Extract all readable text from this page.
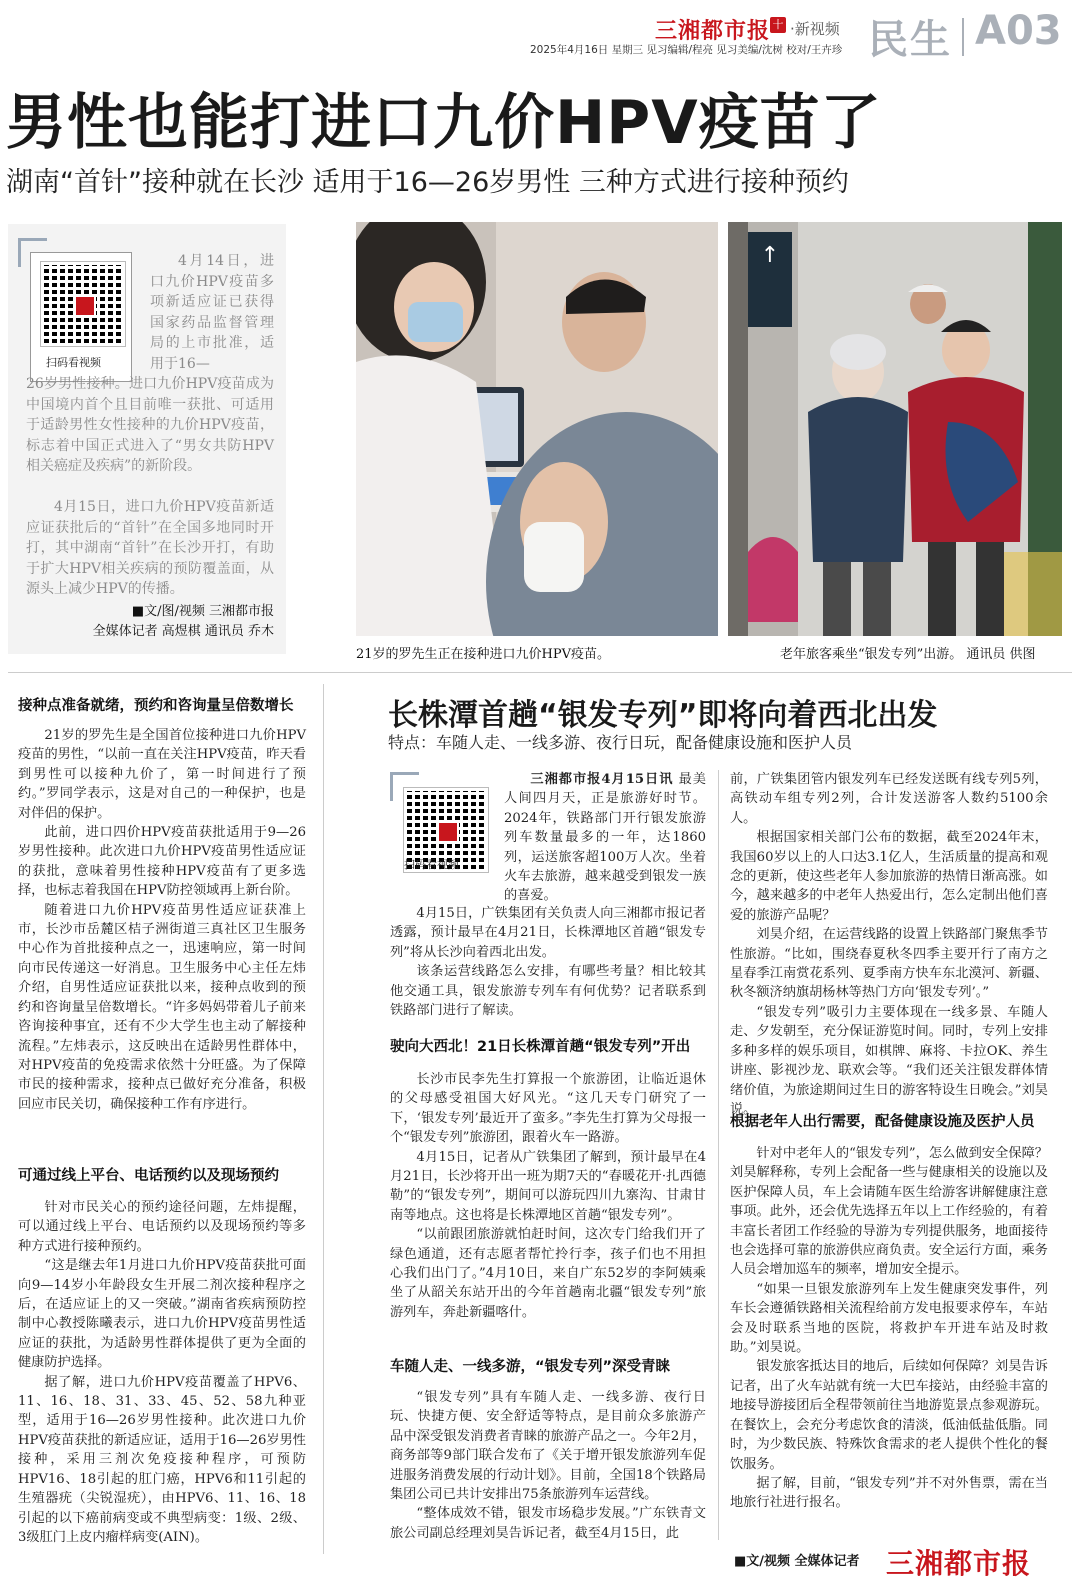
三湘都市报 十 ·新视频
2025年4月16日 星期三 见习编辑/程亮 见习美编/沈树 校对/王卉珍 民生 A03
男性也能打进口九价HPV疫苗了
湖南“首针”接种就在长沙 适用于16—26岁男性 三种方式进行接种预约
扫码看视频
4月14日，进口九价HPV疫苗多项新适应证已获得国家药品监督管理局的上市批准，适用于16—
26岁男性接种。进口九价HPV疫苗成为中国境内首个且目前唯一获批、可适用于适龄男性女性接种的九价HPV疫苗，标志着中国正式进入了“男女共防HPV相关癌症及疾病”的新阶段。
4月15日，进口九价HPV疫苗新适应证获批后的“首针”在全国多地同时开打，其中湖南“首针”在长沙开打，有助于扩大HPV相关疾病的预防覆盖面，从源头上减少HPV的传播。
■文/图/视频 三湘都市报
全媒体记者 高煜棋 通讯员 乔木
21岁的罗先生正在接种进口九价HPV疫苗。
↑
老年旅客乘坐“银发专列”出游。 通讯员 供图
接种点准备就绪，预约和咨询量呈倍数增长

21岁的罗先生是全国首位接种进口九价HPV疫苗的男性，“以前一直在关注HPV疫苗，昨天看到男性可以接种九价了，第一时间进行了预约。”罗同学表示，这是对自己的一种保护，也是对伴侣的保护。

此前，进口四价HPV疫苗获批适用于9—26岁男性接种。此次进口九价HPV疫苗男性适应证的获批，意味着男性接种HPV疫苗有了更多选择，也标志着我国在HPV防控领域再上新台阶。

随着进口九价HPV疫苗男性适应证获准上市，长沙市岳麓区桔子洲街道三真社区卫生服务中心作为首批接种点之一，迅速响应，第一时间向市民传递这一好消息。卫生服务中心主任左炜介绍，自男性适应证获批以来，接种点收到的预约和咨询量呈倍数增长。“许多妈妈带着儿子前来咨询接种事宜，还有不少大学生也主动了解接种流程。”左炜表示，这反映出在适龄男性群体中，对HPV疫苗的免疫需求依然十分旺盛。为了保障市民的接种需求，接种点已做好充分准备，积极回应市民关切，确保接种工作有序进行。

可通过线上平台、电话预约以及现场预约

针对市民关心的预约途径问题，左炜提醒，可以通过线上平台、电话预约以及现场预约等多种方式进行接种预约。

“这是继去年1月进口九价HPV疫苗获批可面向9—14岁小年龄段女生开展二剂次接种程序之后，在适应证上的又一突破。”湖南省疾病预防控制中心教授陈曦表示，进口九价HPV疫苗男性适应证的获批，为适龄男性群体提供了更为全面的健康防护选择。

据了解，进口九价HPV疫苗覆盖了HPV6、11、16、18、31、33、45、52、58九种亚型，适用于16—26岁男性接种。此次进口九价HPV疫苗获批的新适应证，适用于16—26岁男性接种，采用三剂次免疫接种程序，可预防HPV16、18引起的肛门癌，HPV6和11引起的生殖器疣（尖锐湿疣），由HPV6、11、16、18引起的以下癌前病变或不典型病变：1级、2级、3级肛门上皮内瘤样病变(AIN)。

长株潭首趟“银发专列”即将向着西北出发
特点：车随人走、一线多游、夜行日玩，配备健康设施和医护人员
扫码看视频

三湘都市报4月15日讯 最美人间四月天，正是旅游好时节。2024年，铁路部门开行银发旅游列车数量最多的一年，达1860列，运送旅客超100万人次。坐着火车去旅游，越来越受到银发一族的喜爱。

4月15日，广铁集团有关负责人向三湘都市报记者透露，预计最早在4月21日，长株潭地区首趟“银发专列”将从长沙向着西北出发。

该条运营线路怎么安排，有哪些考量？相比较其他交通工具，银发旅游专列车有何优势？记者联系到铁路部门进行了解读。

驶向大西北！21日长株潭首趟“银发专列”开出

长沙市民李先生打算报一个旅游团，让临近退休的父母感受祖国大好风光。“这几天专门研究了一下，‘银发专列’最近开了蛮多。”李先生打算为父母报一个“银发专列”旅游团，跟着火车一路游。

4月15日，记者从广铁集团了解到，预计最早在4月21日，长沙将开出一班为期7天的“春暖花开·扎西德勒”的“银发专列”，期间可以游玩四川九寨沟、甘肃甘南等地点。这也将是长株潭地区首趟“银发专列”。

“以前跟团旅游就怕赶时间，这次专门给我们开了绿色通道，还有志愿者帮忙拎行李，孩子们也不用担心我们出门了。”4月10日，来自广东52岁的李阿姨乘坐了从韶关东站开出的今年首趟南北疆“银发专列”旅游列车，奔赴新疆喀什。

车随人走、一线多游，“银发专列”深受青睐

“银发专列”具有车随人走、一线多游、夜行日玩、快捷方便、安全舒适等特点，是目前众多旅游产品中深受银发消费者青睐的旅游产品之一。今年2月，商务部等9部门联合发布了《关于增开银发旅游列车促进服务消费发展的行动计划》。目前，全国18个铁路局集团公司已共计安排出75条旅游列车运营线。

“整体成效不错，银发市场稳步发展。”广东铁青文旅公司副总经理刘昊告诉记者，截至4月15日，此

前，广铁集团管内银发列车已经发送既有线专列5列，高铁动车组专列2列，合计发送游客人数约5100余人。

根据国家相关部门公布的数据，截至2024年末，我国60岁以上的人口达3.1亿人，生活质量的提高和观念的更新，使这些老年人参加旅游的热情日渐高涨。如今，越来越多的中老年人热爱出行，怎么定制出他们喜爱的旅游产品呢？

刘昊介绍，在运营线路的设置上铁路部门聚焦季节性旅游。“比如，围绕春夏秋冬四季主要开行了南方之星春季江南赏花系列、夏季南方快车东北漠河、新疆、秋冬额济纳旗胡杨林等热门方向‘银发专列’。”

“银发专列”吸引力主要体现在一线多景、车随人走、夕发朝至，充分保证游览时间。同时，专列上安排多种多样的娱乐项目，如棋牌、麻将、卡拉OK、养生讲座、影视沙龙、联欢会等。“我们还关注银发群体情绪价值，为旅途期间过生日的游客特设生日晚会。”刘昊说。

根据老年人出行需要，配备健康设施及医护人员

针对中老年人的“银发专列”，怎么做到安全保障？刘昊解释称，专列上会配备一些与健康相关的设施以及医护保障人员，车上会请随车医生给游客讲解健康注意事项。此外，还会优先选择五年以上工作经验的，有着丰富长者团工作经验的导游为专列提供服务，地面接待也会选择可靠的旅游供应商负责。安全运行方面，乘务人员会增加巡车的频率，增加安全提示。

“如果一旦银发旅游列车上发生健康突发事件，列车长会遵循铁路相关流程给前方发电报要求停车，车站会及时联系当地的医院，将救护车开进车站及时救助。”刘昊说。

银发旅客抵达目的地后，后续如何保障？刘昊告诉记者，出了火车站就有统一大巴车接站，由经验丰富的地接导游接团后全程带领前往当地游览景点参观游玩。在餐饮上，会充分考虑饮食的清淡，低油低盐低脂。同时，为少数民族、特殊饮食需求的老人提供个性化的餐饮服务。

据了解，目前，“银发专列”并不对外售票，需在当地旅行社进行报名。

■文/视频 全媒体记者 三湘都市报
